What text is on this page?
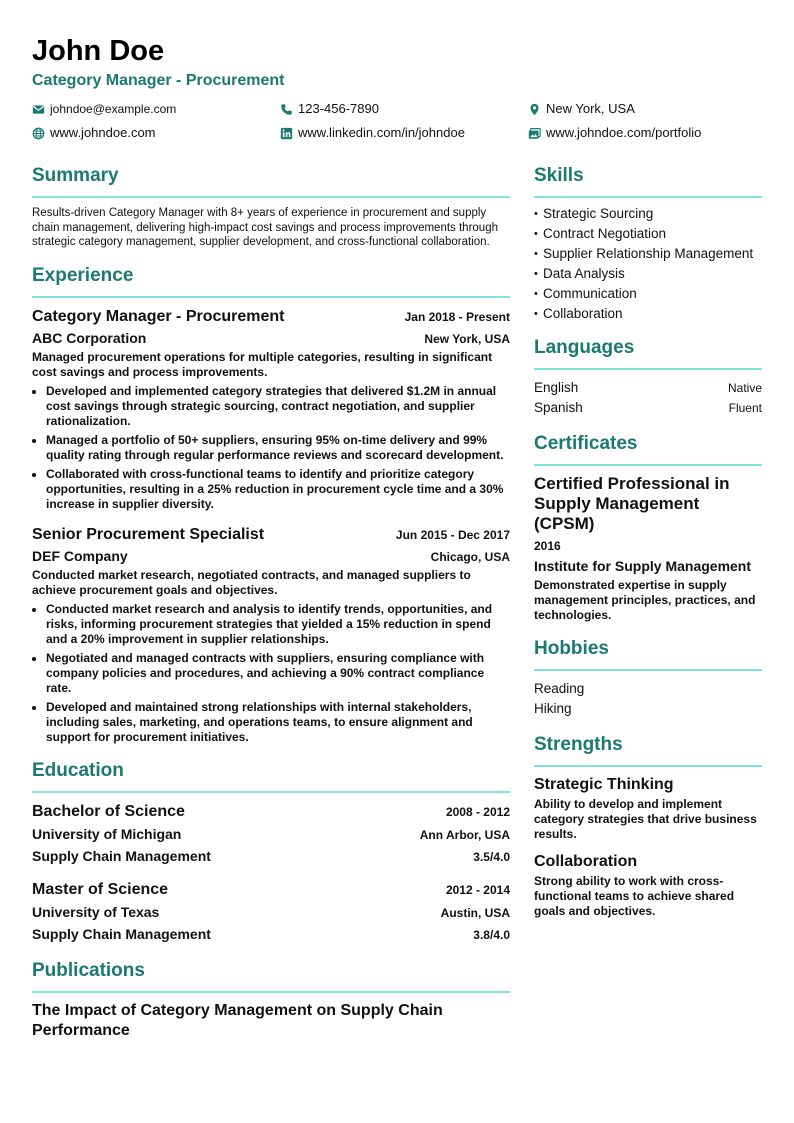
John Doe
Category Manager - Procurement
johndoe@example.com	123-456-7890	New York, USA
www.johndoe.com	www.linkedin.com/in/johndoe	www.johndoe.com/portfolio
Summary
Results-driven Category Manager with 8+ years of experience in procurement and supply chain management, delivering high-impact cost savings and process improvements through strategic category management, supplier development, and cross-functional collaboration.
Experience
Category Manager - Procurement	Jan 2018 - Present
ABC Corporation	New York, USA
Managed procurement operations for multiple categories, resulting in significant cost savings and process improvements.
• Developed and implemented category strategies that delivered $1.2M in annual cost savings through strategic sourcing, contract negotiation, and supplier rationalization.
• Managed a portfolio of 50+ suppliers, ensuring 95% on-time delivery and 99% quality rating through regular performance reviews and scorecard development.
• Collaborated with cross-functional teams to identify and prioritize category opportunities, resulting in a 25% reduction in procurement cycle time and a 30% increase in supplier diversity.
Senior Procurement Specialist	Jun 2015 - Dec 2017
DEF Company	Chicago, USA
Conducted market research, negotiated contracts, and managed suppliers to achieve procurement goals and objectives.
• Conducted market research and analysis to identify trends, opportunities, and risks, informing procurement strategies that yielded a 15% reduction in spend and a 20% improvement in supplier relationships.
• Negotiated and managed contracts with suppliers, ensuring compliance with company policies and procedures, and achieving a 90% contract compliance rate.
• Developed and maintained strong relationships with internal stakeholders, including sales, marketing, and operations teams, to ensure alignment and support for procurement initiatives.
Education
Bachelor of Science	2008 - 2012
University of Michigan	Ann Arbor, USA
Supply Chain Management	3.5/4.0
Master of Science	2012 - 2014
University of Texas	Austin, USA
Supply Chain Management	3.8/4.0
Publications
The Impact of Category Management on Supply Chain Performance
Skills
• Strategic Sourcing
• Contract Negotiation
• Supplier Relationship Management
• Data Analysis
• Communication
• Collaboration
Languages
English	Native
Spanish	Fluent
Certificates
Certified Professional in Supply Management (CPSM)
2016
Institute for Supply Management
Demonstrated expertise in supply management principles, practices, and technologies.
Hobbies
Reading
Hiking
Strengths
Strategic Thinking
Ability to develop and implement category strategies that drive business results.
Collaboration
Strong ability to work with cross-functional teams to achieve shared goals and objectives.
